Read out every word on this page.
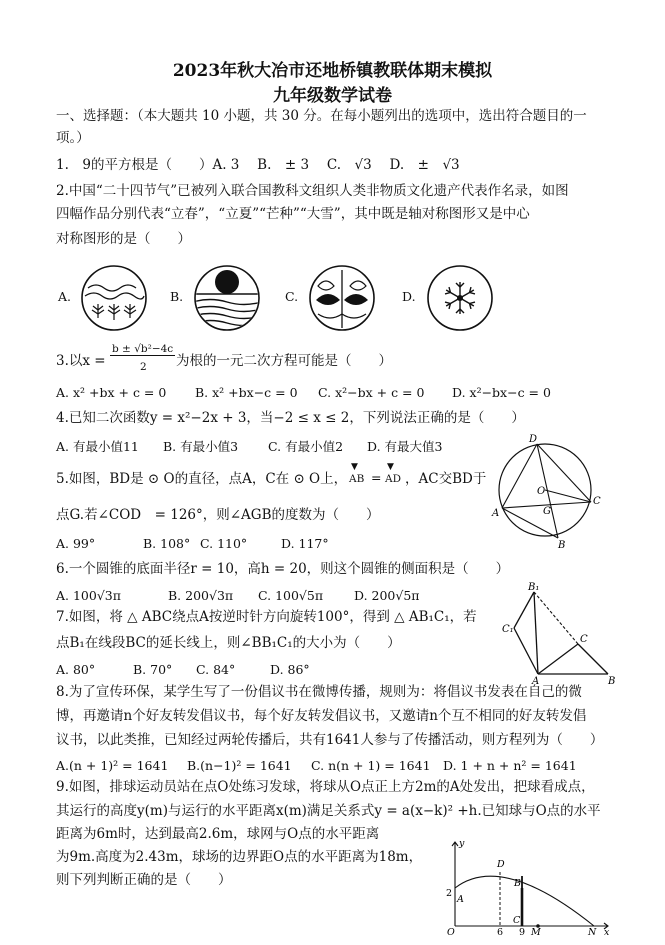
2023年秋大冶市还地桥镇教联体期末模拟
九年级数学试卷
一、选择题：（本大题共 10 小题，共 30 分。在每小题列出的选项中，选出符合题目的一
项。）
1.　9的平方根是（　　）A. 3　 B.　± 3　 C.　√3　 D.　±　√3
2.中国“二十四节气”已被列入联合国教科文组织人类非物质文化遗产代表作名录，如图
四幅作品分别代表“立春”，“立夏”“芒种”“大雪”，其中既是轴对称图形又是中心
对称图形的是（　　）
A.	B.	C.	D.
3.以x =
b ± √b²−4c
2 为根的一元二次方程可能是（　　）
A. x² +bx + c = 0 B. x² +bx−c = 0 C. x²−bx + c = 0 D. x²−bx−c = 0
4.已知二次函数y = x²−2x + 3，当−2 ≤ x ≤ 2，下列说法正确的是（　　）
A. 有最小值11 B. 有最小值3 C. 有最小值2 D. 有最大值3
5.如图，BD是 ⊙ O的直径，点A，C在 ⊙ O上， AB
▼
= AD
▼
，AC交BD于
点G.若∠COD　= 126°，则∠AGB的度数为（　　）
A. 99°	B. 108° C. 110°	D. 117°
D
O
C
A	G
B
6.一个圆锥的底面半径r = 10，高h = 20，则这个圆锥的侧面积是（　　）
A. 100√3π	B. 200√3π C. 100√5π D. 200√5π
7.如图，将 △ ABC绕点A按逆时针方向旋转100°，得到 △ AB₁C₁，若
点B₁在线段BC的延长线上，则∠BB₁C₁的大小为（　　）
A. 80°	B. 70° C. 84°	D. 86°
B₁
C₁
C
A	B
8.为了宣传环保，某学生写了一份倡议书在微博传播，规则为：将倡议书发表在自己的微
博，再邀请n个好友转发倡议书，每个好友转发倡议书，又邀请n个互不相同的好友转发倡
议书，以此类推，已知经过两轮传播后，共有1641人参与了传播活动，则方程列为（　　）
A.(n + 1)² = 1641 B.(n−1)² = 1641 C. n(n + 1) = 1641 D. 1 + n + n² = 1641
9.如图，排球运动员站在点O处练习发球，将球从O点正上方2m的A处发出，把球看成点，
其运行的高度y(m)与运行的水平距离x(m)满足关系式y = a(x−k)² +h.已知球与O点的水平
距离为6m时，达到最高2.6m，球网与O点的水平距离
为9m.高度为2.43m，球场的边界距O点的水平距离为18m，
则下列判断正确的是（　　）
y
D
B
2
A
C
O	6 9 M	N x
